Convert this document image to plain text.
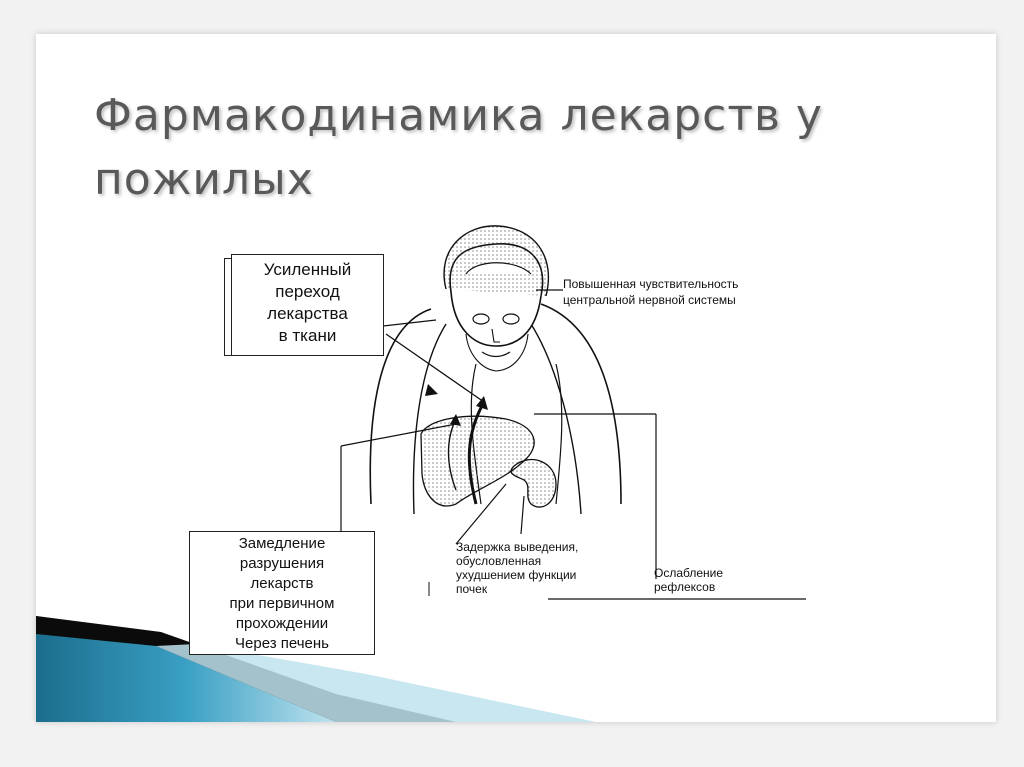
Фармакодинамика лекарств у пожилых
Усиленный
переход
лекарства
в ткани
Замедление
разрушения
лекарств
при первичном
прохождении
Через печень
Повышенная чувствительность
центральной нервной системы
Задержка выведения,
обусловленная
ухудшением функции
почек
Ослабление
рефлексов
